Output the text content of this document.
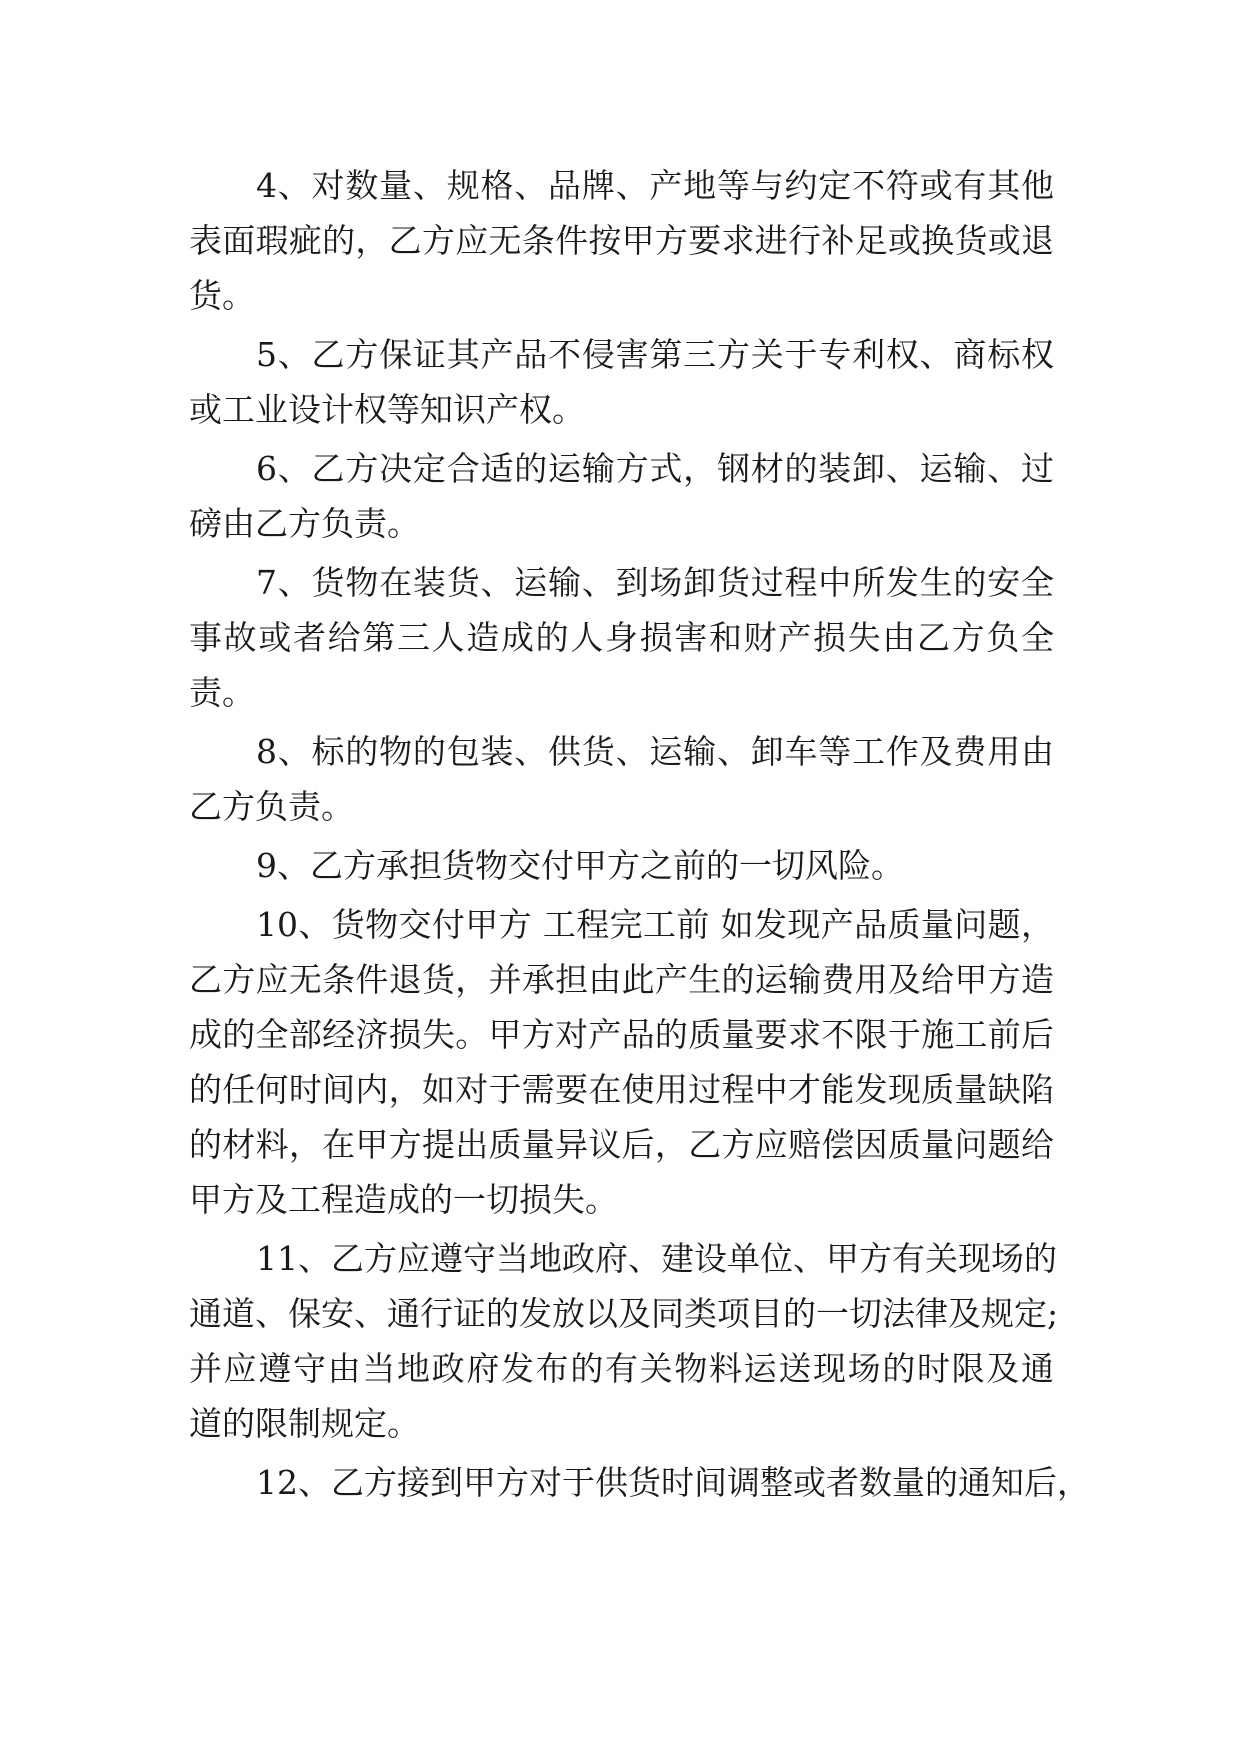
4、对数量、规格、品牌、产地等与约定不符或有其他
表面瑕疵的，乙方应无条件按甲方要求进行补足或换货或退
货。
5、乙方保证其产品不侵害第三方关于专利权、商标权
或工业设计权等知识产权。
6、乙方决定合适的运输方式，钢材的装卸、运输、过
磅由乙方负责。
7、货物在装货、运输、到场卸货过程中所发生的安全
事故或者给第三人造成的人身损害和财产损失由乙方负全
责。
8、标的物的包装、供货、运输、卸车等工作及费用由
乙方负责。
9、乙方承担货物交付甲方之前的一切风险。
10、货物交付甲方 工程完工前 如发现产品质量问题，
乙方应无条件退货，并承担由此产生的运输费用及给甲方造
成的全部经济损失。甲方对产品的质量要求不限于施工前后
的任何时间内，如对于需要在使用过程中才能发现质量缺陷
的材料，在甲方提出质量异议后，乙方应赔偿因质量问题给
甲方及工程造成的一切损失。
11、乙方应遵守当地政府、建设单位、甲方有关现场的
通道、保安、通行证的发放以及同类项目的一切法律及规定;
并应遵守由当地政府发布的有关物料运送现场的时限及通
道的限制规定。
12、乙方接到甲方对于供货时间调整或者数量的通知后，
